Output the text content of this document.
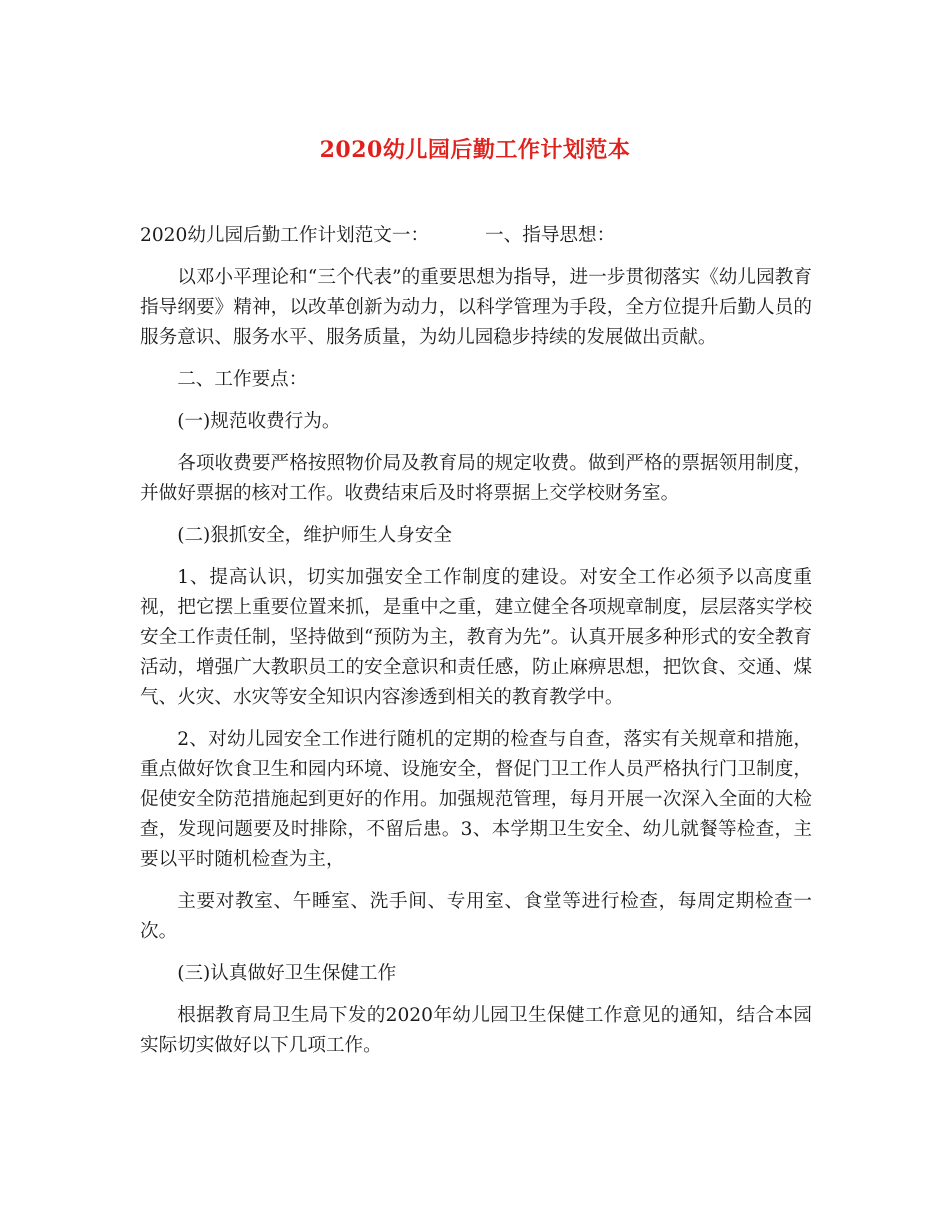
2020幼儿园后勤工作计划范本

2020幼儿园后勤工作计划范文一：	一、指导思想：

以邓小平理论和“三个代表”的重要思想为指导，进一步贯彻落实《幼儿园教育指导纲要》精神，以改革创新为动力，以科学管理为手段，全方位提升后勤人员的服务意识、服务水平、服务质量，为幼儿园稳步持续的发展做出贡献。

二、工作要点：

(一)规范收费行为。

各项收费要严格按照物价局及教育局的规定收费。做到严格的票据领用制度，并做好票据的核对工作。收费结束后及时将票据上交学校财务室。

(二)狠抓安全，维护师生人身安全

1、提高认识，切实加强安全工作制度的建设。对安全工作必须予以高度重视，把它摆上重要位置来抓，是重中之重，建立健全各项规章制度，层层落实学校安全工作责任制，坚持做到“预防为主，教育为先”。认真开展多种形式的安全教育活动，增强广大教职员工的安全意识和责任感，防止麻痹思想，把饮食、交通、煤气、火灾、水灾等安全知识内容渗透到相关的教育教学中。

2、对幼儿园安全工作进行随机的定期的检查与自查，落实有关规章和措施，重点做好饮食卫生和园内环境、设施安全，督促门卫工作人员严格执行门卫制度，促使安全防范措施起到更好的作用。加强规范管理，每月开展一次深入全面的大检查，发现问题要及时排除，不留后患。3、本学期卫生安全、幼儿就餐等检查，主要以平时随机检查为主，

主要对教室、午睡室、洗手间、专用室、食堂等进行检查，每周定期检查一次。

(三)认真做好卫生保健工作

根据教育局卫生局下发的2020年幼儿园卫生保健工作意见的通知，结合本园实际切实做好以下几项工作。
